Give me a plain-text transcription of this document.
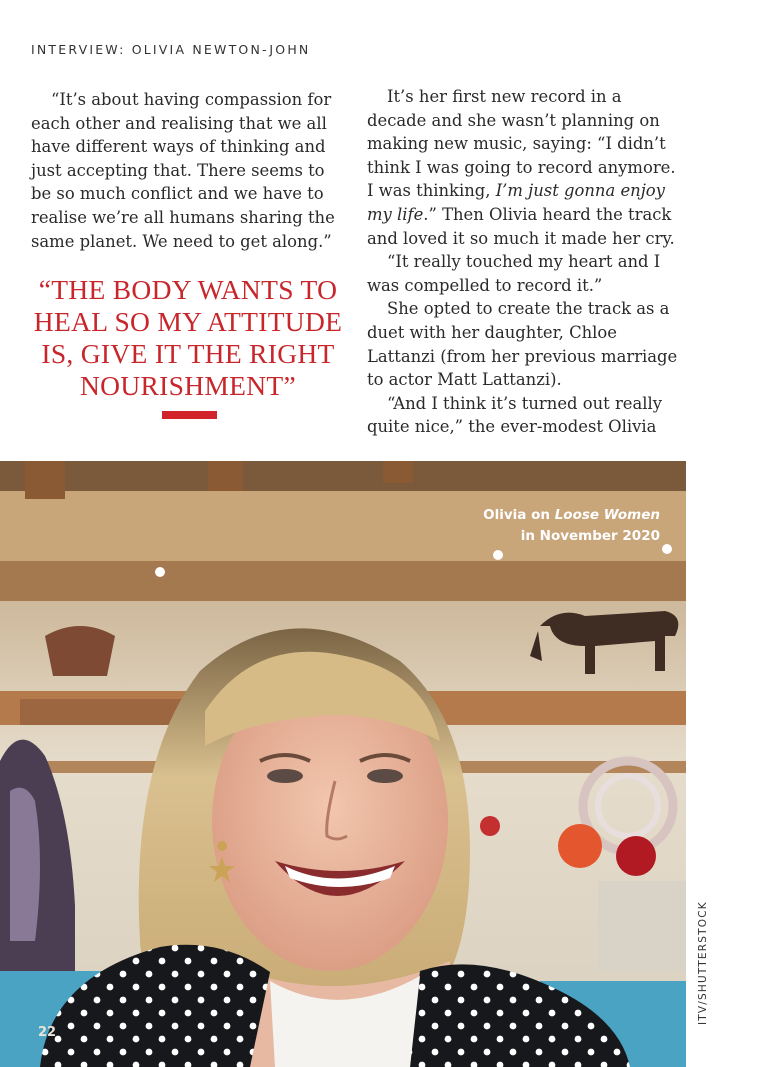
INTERVIEW: OLIVIA NEWTON-JOHN

“It’s about having compassion for each other and realising that we all have different ways of thinking and just accepting that. There seems to be so much conflict and we have to realise we’re all humans sharing the same planet. We need to get along.”

“THE BODY WANTS TO
HEAL SO MY ATTITUDE
IS, GIVE IT THE RIGHT
NOURISHMENT”

It’s her first new record in a decade and she wasn’t planning on making new music, saying: “I didn’t think I was going to record anymore. I was thinking, I’m just gonna enjoy my life.” Then Olivia heard the track and loved it so much it made her cry.

“It really touched my heart and I was compelled to record it.”

She opted to create the track as a duet with her daughter, Chloe Lattanzi (from her previous marriage to actor Matt Lattanzi).

“And I think it’s turned out really quite nice,” the ever-modest Olivia

Olivia on Loose Women
in November 2020
22
ITV/SHUTTERSTOCK
